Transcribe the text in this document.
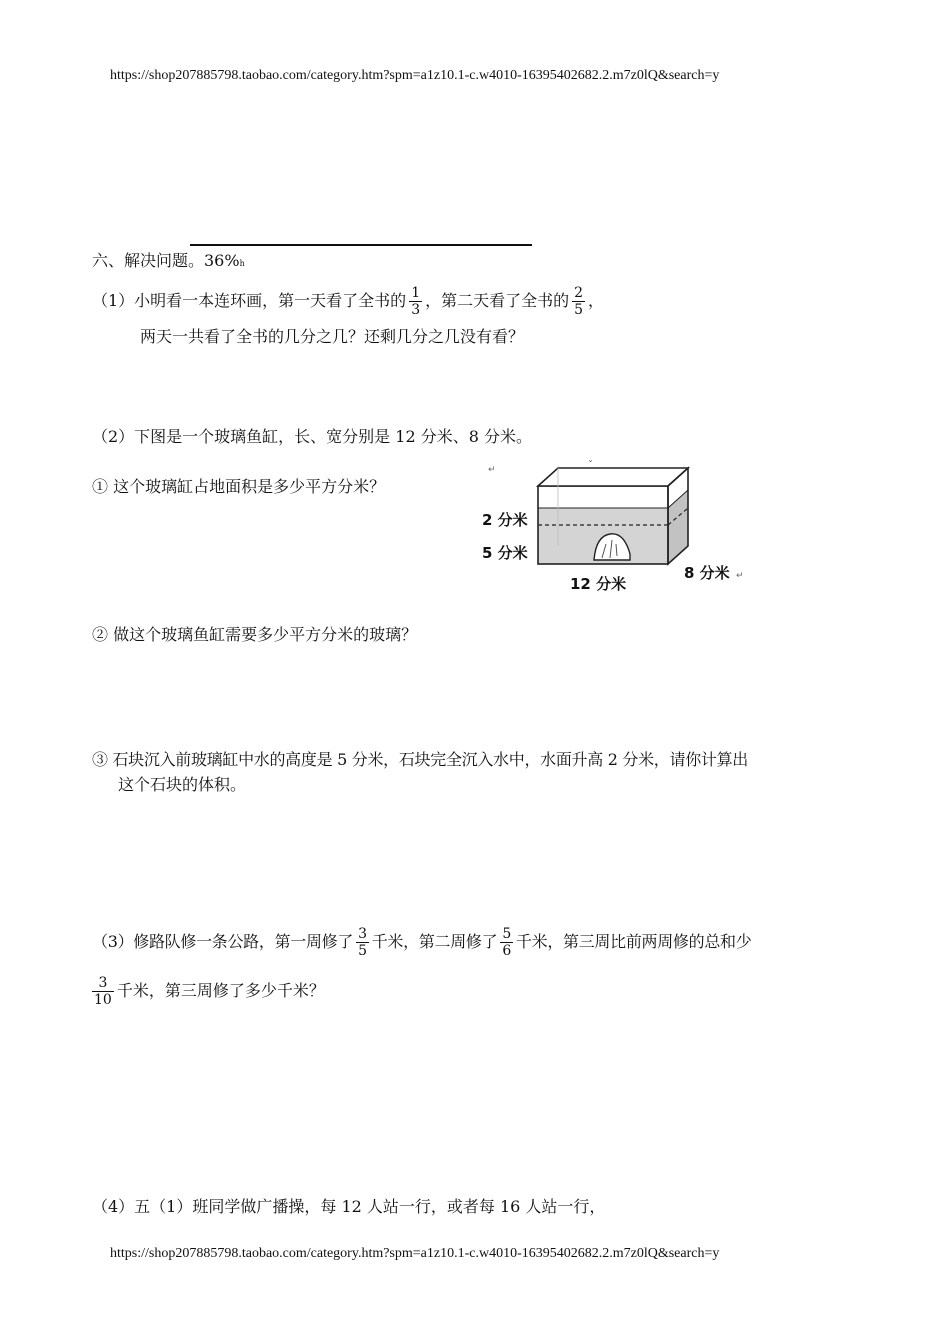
https://shop207885798.taobao.com/category.htm?spm=a1z10.1-c.w4010-16395402682.2.m7z0lQ&search=y
六、解决问题。36%h
（1）小明看一本连环画，第一天看了全书的 $\frac{1}{3}$ ，第二天看了全书的 $\frac{2}{5}$ ，
两天一共看了全书的几分之几？还剩几分之几没有看？
（2）下图是一个玻璃鱼缸，长、宽分别是 12 分米、8 分米。
① 这个玻璃缸占地面积是多少平方分米？
ˇ
↵
2 分米
5 分米
12 分米
8 分米 ↵
② 做这个玻璃鱼缸需要多少平方分米的玻璃？
③ 石块沉入前玻璃缸中水的高度是 5 分米，石块完全沉入水中，水面升高 2 分米，请你计算出
这个石块的体积。
（3）修路队修一条公路，第一周修了 $\frac{3}{5}$ 千米，第二周修了 $\frac{5}{6}$ 千米，第三周比前两周修的总和少
$\frac{3}{10}$ 千米，第三周修了多少千米？
（4）五（1）班同学做广播操，每 12 人站一行，或者每 16 人站一行，
https://shop207885798.taobao.com/category.htm?spm=a1z10.1-c.w4010-16395402682.2.m7z0lQ&search=y
